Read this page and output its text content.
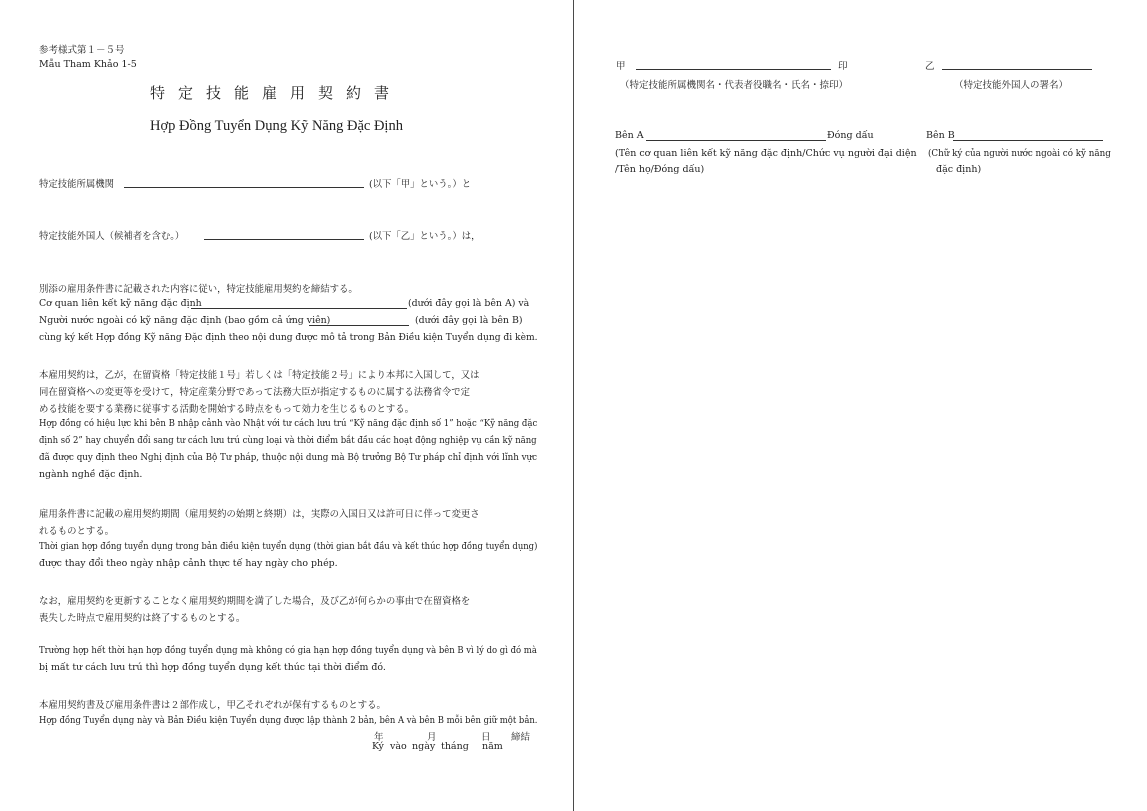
参考様式第１－５号
Mẫu Tham Khảo 1-5
特定技能雇用契約書
Hợp Đồng Tuyển Dụng Kỹ Năng Đặc Định
特定技能所属機関	(以下「甲」という。）と
特定技能外国人（候補者を含む。）	(以下「乙」という。）は，
別添の雇用条件書に記載された内容に従い，特定技能雇用契約を締結する。
Cơ quan liên kết kỹ năng đặc định	(dưới đây gọi là bên A) và
Người nước ngoài có kỹ năng đặc định (bao gồm cả ứng viên)	(dưới đây gọi là bên B)
cùng ký kết Hợp đồng Kỹ năng Đặc định theo nội dung được mô tả trong Bản Điều kiện Tuyển dụng đi kèm.
本雇用契約は，乙が，在留資格「特定技能１号」若しくは「特定技能２号」により本邦に入国して，又は
同在留資格への変更等を受けて，特定産業分野であって法務大臣が指定するものに属する法務省令で定
める技能を要する業務に従事する活動を開始する時点をもって効力を生じるものとする。
Hợp đồng có hiệu lực khi bên B nhập cảnh vào Nhật với tư cách lưu trú “Kỹ năng đặc định số 1” hoặc “Kỹ năng đặc
định số 2” hay chuyển đổi sang tư cách lưu trú cùng loại và thời điểm bắt đầu các hoạt động nghiệp vụ cần kỹ năng
đã được quy định theo Nghị định của Bộ Tư pháp, thuộc nội dung mà Bộ trưởng Bộ Tư pháp chỉ định với lĩnh vực
ngành nghề đặc định.
雇用条件書に記載の雇用契約期間（雇用契約の始期と終期）は，実際の入国日又は許可日に伴って変更さ
れるものとする。
Thời gian hợp đồng tuyển dụng trong bản điều kiện tuyển dụng (thời gian bắt đầu và kết thúc hợp đồng tuyển dụng)
được thay đổi theo ngày nhập cảnh thực tế hay ngày cho phép.
なお，雇用契約を更新することなく雇用契約期間を満了した場合，及び乙が何らかの事由で在留資格を
喪失した時点で雇用契約は終了するものとする。
Trường hợp hết thời hạn hợp đồng tuyển dụng mà không có gia hạn hợp đồng tuyển dụng và bên B vì lý do gì đó mà
bị mất tư cách lưu trú thì hợp đồng tuyển dụng kết thúc tại thời điểm đó.
本雇用契約書及び雇用条件書は２部作成し，甲乙それぞれが保有するものとする。
Hợp đồng Tuyển dụng này và Bản Điều kiện Tuyển dụng được lập thành 2 bản, bên A và bên B mỗi bên giữ một bản.
年	月	日 締結
Ký vào ngày tháng năm
甲	印
（特定技能所属機関名・代表者役職名・氏名・捺印）
乙
（特定技能外国人の署名）
Bên A	Đóng dấu
(Tên cơ quan liên kết kỹ năng đặc định/Chức vụ người đại diện
/Tên họ/Đóng dấu)
Bên B
(Chữ ký của người nước ngoài có kỹ năng
đặc định)
